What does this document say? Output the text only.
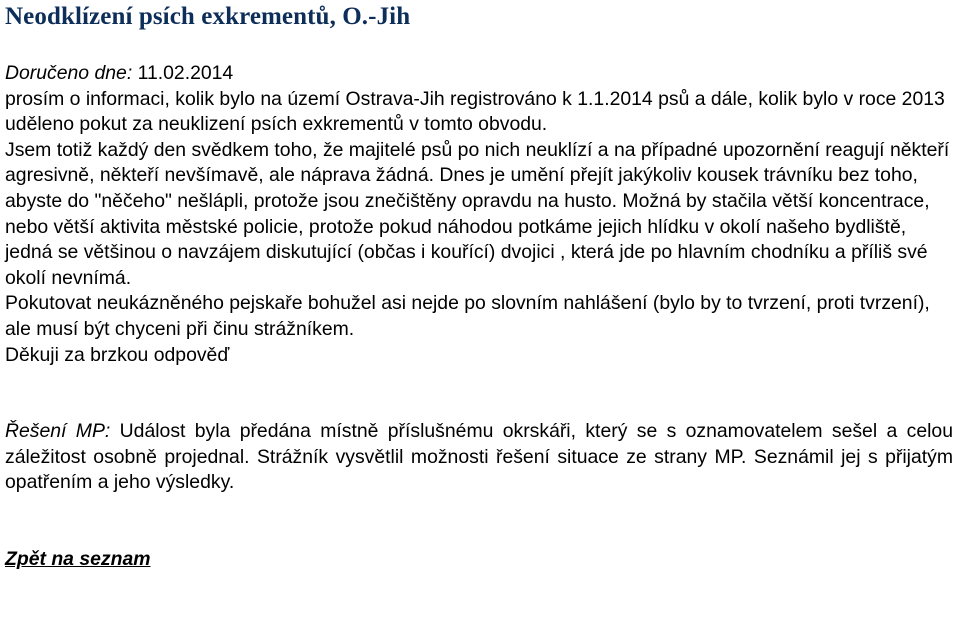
Neodklízení psích exkrementů, O.-Jih
Doručeno dne: 11.02.2014

prosím o informaci, kolik bylo na území Ostrava-Jih registrováno k 1.1.2014 psů a dále, kolik bylo v roce 2013 uděleno pokut za neuklizení psích exkrementů v tomto obvodu.

Jsem totiž každý den svědkem toho, že majitelé psů po nich neuklízí a na případné upozornění reagují někteří agresivně, někteří nevšímavě, ale náprava žádná. Dnes je umění přejít jakýkoliv kousek trávníku bez toho, abyste do "něčeho" nešlápli, protože jsou znečištěny opravdu na husto. Možná by stačila větší koncentrace, nebo větší aktivita městské policie, protože pokud náhodou potkáme jejich hlídku v okolí našeho bydliště, jedná se většinou o navzájem diskutující (občas i kouřící) dvojici , která jde po hlavním chodníku a příliš své okolí nevnímá.

Pokutovat neukázněného pejskaře bohužel asi nejde po slovním nahlášení (bylo by to tvrzení, proti tvrzení), ale musí být chyceni při činu strážníkem.

Děkuji za brzkou odpověď

Řešení MP: Událost byla předána místně příslušnému okrskáři, který se s oznamovatelem sešel a celou záležitost osobně projednal. Strážník vysvětlil možnosti řešení situace ze strany MP. Seznámil jej s přijatým opatřením a jeho výsledky.

Zpět na seznam
